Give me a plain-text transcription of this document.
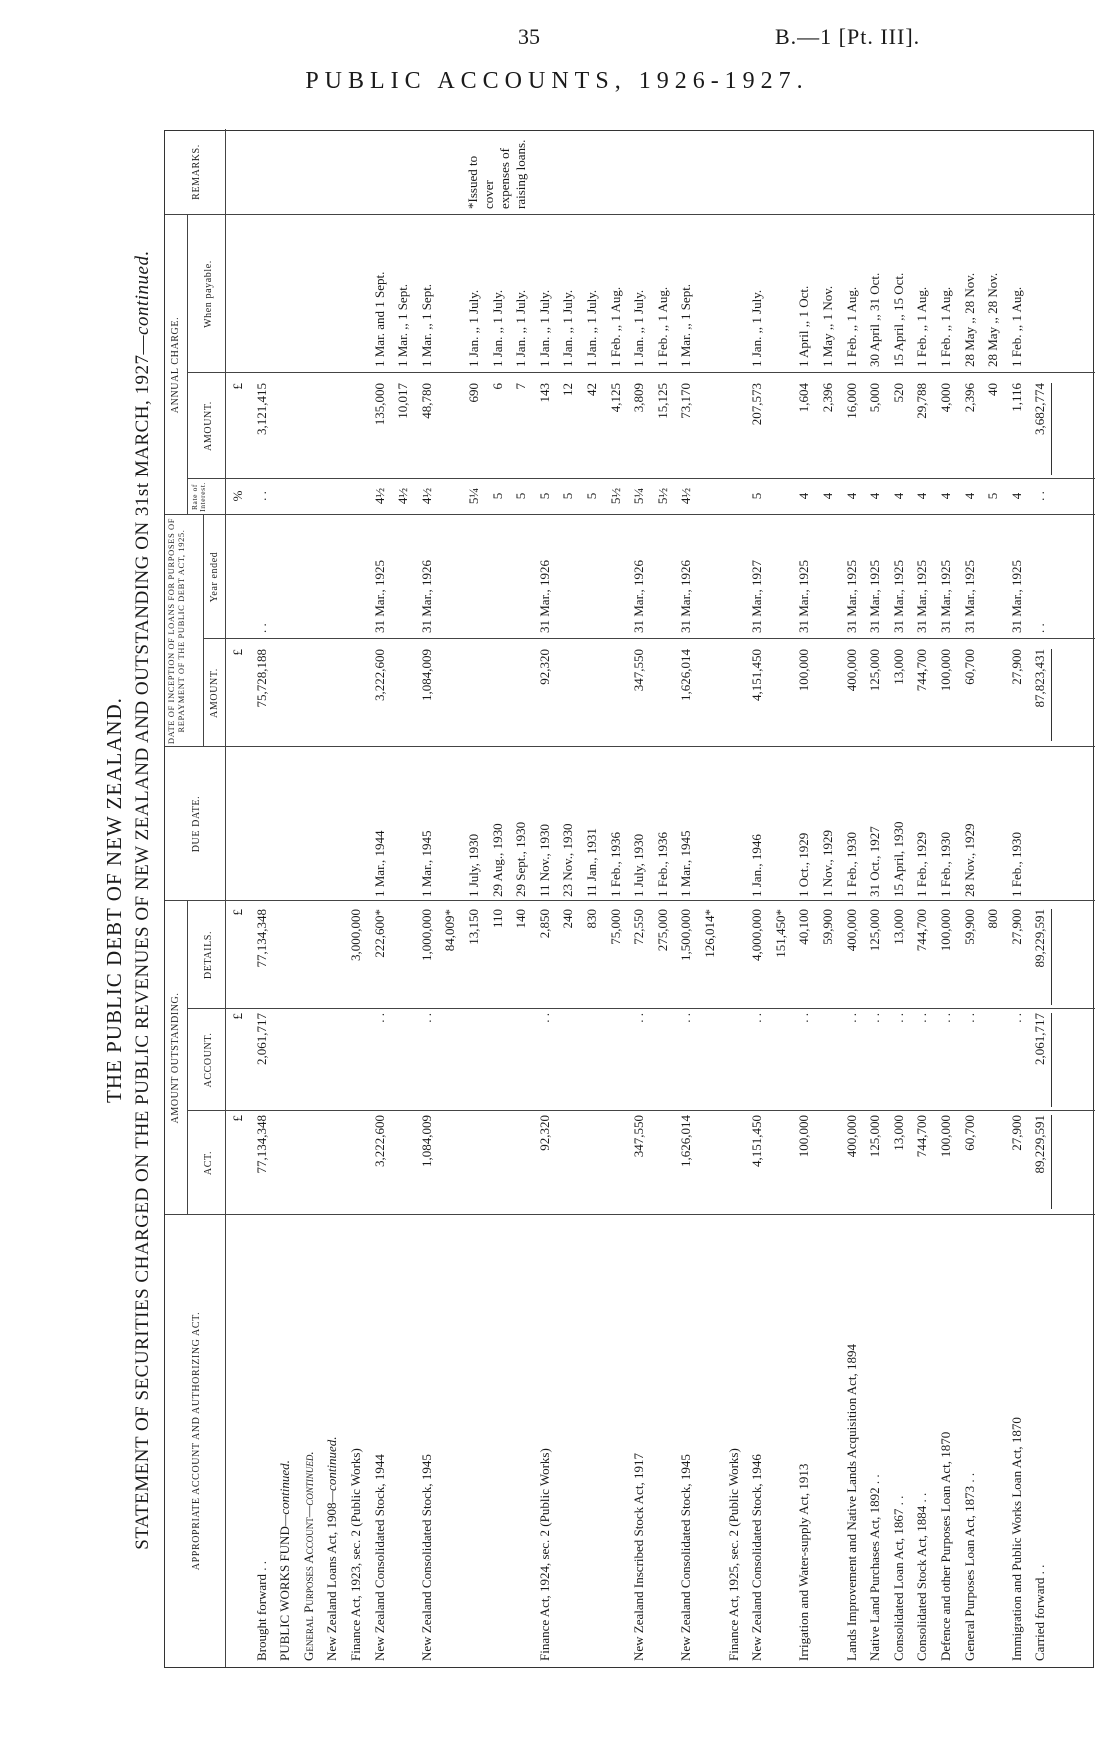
35	B.—1 [Pt. III].
PUBLIC ACCOUNTS, 1926-1927.
THE PUBLIC DEBT OF NEW ZEALAND. STATEMENT OF SECURITIES CHARGED ON THE PUBLIC REVENUES OF NEW ZEALAND AND OUTSTANDING ON 31st MARCH, 1927—continued.
APPROPRIATE ACCOUNT AND AUTHORIZING ACT.
AMOUNT OUTSTANDING.
ACT.
ACCOUNT.
DETAILS.
DUE DATE.
DATE OF INCEPTION OF LOANS FOR PURPOSES OF REPAYMENT OF THE PUBLIC DEBT ACT, 1925. AMOUNT.
Year ended
ANNUAL CHARGE.
Rate of Interest.
AMOUNT.
When payable.
REMARKS.	*Issued to cover expenses of raising loans.
£
£
£
£
%
£
Brought forward . .
77,134,348
2,061,717
77,134,348
75,728,188
. .
. .
3,121,415
PUBLIC WORKS FUND—continued.
General Purposes Account—continued.
New Zealand Loans Act, 1908—continued. Finance Act, 1923, sec. 2 (Public Works)
3,000,000
New Zealand Consolidated Stock, 1944
3,222,600
. .
222,600*
1 Mar., 1944
3,222,600
31 Mar., 1925
4½
135,000
1 Mar. and 1 Sept.
4½
10,017
1 Mar. ,, 1 Sept.
New Zealand Consolidated Stock, 1945
1,084,009
. .
1,000,000
1 Mar., 1945
1,084,009
31 Mar., 1926
4½
48,780
1 Mar. ,, 1 Sept.
84,009* 13,150
1 July, 1930
5¼
690
1 Jan. ,, 1 July.
110
29 Aug., 1930
5
6
1 Jan. ,, 1 July.
140
29 Sept., 1930
5
7
1 Jan. ,, 1 July.
Finance Act, 1924, sec. 2 (Public Works)
92,320
. .
2,850
11 Nov., 1930
92,320
31 Mar., 1926
5
143
1 Jan. ,, 1 July.
240
23 Nov., 1930
5
12
1 Jan. ,, 1 July.
830
11 Jan., 1931
5
42
1 Jan. ,, 1 July.
75,000
1 Feb., 1936
5½
4,125
1 Feb. ,, 1 Aug.
New Zealand Inscribed Stock Act, 1917
347,550
. .
72,550
1 July, 1930
347,550
31 Mar., 1926
5¼
3,809
1 Jan. ,, 1 July.
275,000
1 Feb., 1936
5½
15,125
1 Feb. ,, 1 Aug.
New Zealand Consolidated Stock, 1945
1,626,014
. .
1,500,000
1 Mar., 1945
1,626,014
31 Mar., 1926
4½
73,170
1 Mar. ,, 1 Sept.
126,014*
Finance Act, 1925, sec. 2 (Public Works) New Zealand Consolidated Stock, 1946
4,151,450
. .
4,000,000
1 Jan., 1946
4,151,450
31 Mar., 1927
5
207,573
1 Jan. ,, 1 July.
151,450*
Irrigation and Water-supply Act, 1913
100,000
. .
40,100
1 Oct., 1929
100,000
31 Mar., 1925
4
1,604
1 April ,, 1 Oct.
59,900
1 Nov., 1929
4
2,396
1 May ,, 1 Nov.
Lands Improvement and Native Lands Acquisition Act, 1894
400,000
. .
400,000
1 Feb., 1930
400,000
31 Mar., 1925
4
16,000
1 Feb. ,, 1 Aug.
Native Land Purchases Act, 1892 . .
125,000
. .
125,000
31 Oct., 1927
125,000
31 Mar., 1925
4
5,000
30 April ,, 31 Oct.
Consolidated Loan Act, 1867 . .
13,000
. .
13,000
15 April, 1930
13,000
31 Mar., 1925
4
520
15 April ,, 15 Oct.
Consolidated Stock Act, 1884 . .
744,700
. .
744,700
1 Feb., 1929
744,700
31 Mar., 1925
4
29,788
1 Feb. ,, 1 Aug.
Defence and other Purposes Loan Act, 1870
100,000
. .
100,000
1 Feb., 1930
100,000
31 Mar., 1925
4
4,000
1 Feb. ,, 1 Aug.
General Purposes Loan Act, 1873 . .
60,700
. .
59,900
28 Nov., 1929
60,700
31 Mar., 1925
4
2,396
28 May ,, 28 Nov.
800
5
40
28 May ,, 28 Nov.
Immigration and Public Works Loan Act, 1870
27,900
. .
27,900
1 Feb., 1930
27,900
31 Mar., 1925
4
1,116
1 Feb. ,, 1 Aug.
Carried forward . .
89,229,591
2,061,717
89,229,591
87,823,431
. .
. .
3,682,774
